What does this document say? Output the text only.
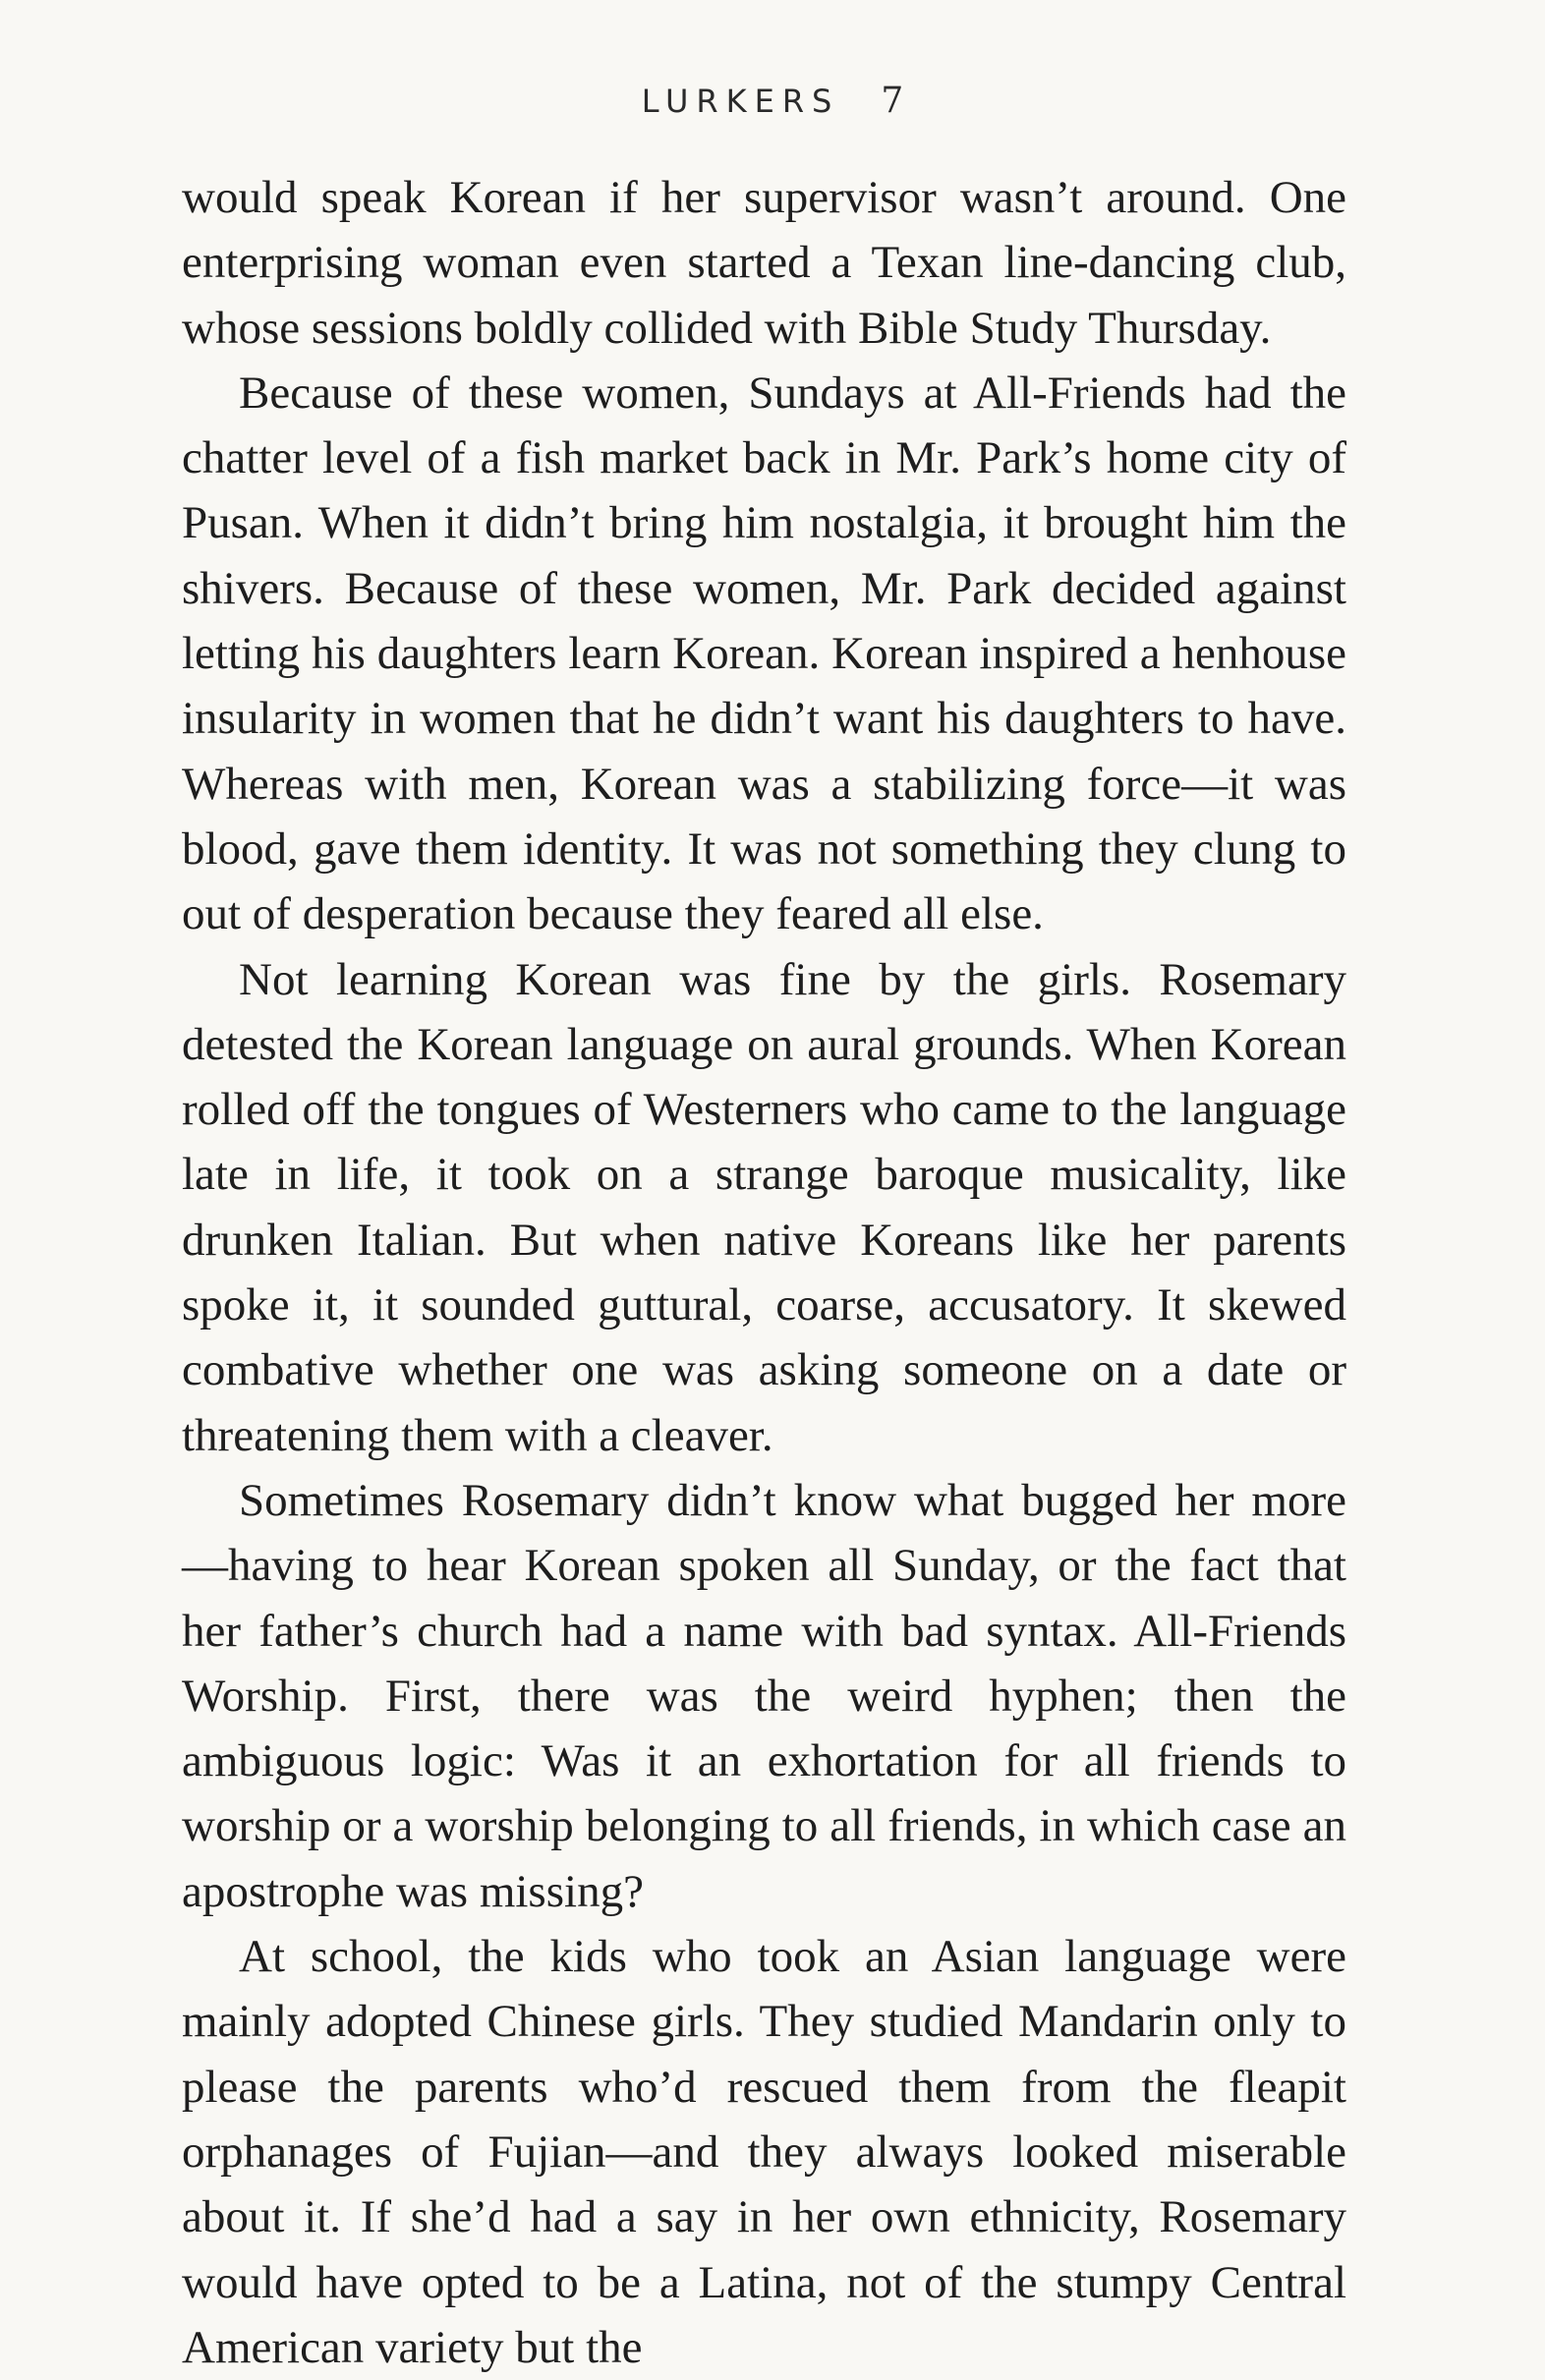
LURKERS 7

would speak Korean if her supervisor wasn’t around. One enterprising woman even started a Texan line-dancing club, whose sessions boldly collided with Bible Study Thursday.

Because of these women, Sundays at All-Friends had the chatter level of a fish market back in Mr. Park’s home city of Pusan. When it didn’t bring him nostalgia, it brought him the shivers. Because of these women, Mr. Park decided against letting his daughters learn Korean. Korean inspired a henhouse insularity in women that he didn’t want his daughters to have. Whereas with men, Korean was a stabilizing force—it was blood, gave them identity. It was not something they clung to out of desperation because they feared all else.

Not learning Korean was fine by the girls. Rosemary detested the Korean language on aural grounds. When Korean rolled off the tongues of Westerners who came to the language late in life, it took on a strange baroque musicality, like drunken Italian. But when native Koreans like her parents spoke it, it sounded guttural, coarse, accusatory. It skewed combative whether one was asking someone on a date or threatening them with a cleaver.

Sometimes Rosemary didn’t know what bugged her more—having to hear Korean spoken all Sunday, or the fact that her father’s church had a name with bad syntax. All-Friends Worship. First, there was the weird hyphen; then the ambiguous logic: Was it an exhortation for all friends to worship or a worship belonging to all friends, in which case an apostrophe was missing?

At school, the kids who took an Asian language were mainly adopted Chinese girls. They studied Mandarin only to please the parents who’d rescued them from the fleapit orphanages of Fujian—and they always looked miserable about it. If she’d had a say in her own ethnicity, Rosemary would have opted to be a Latina, not of the stumpy Central American variety but the
